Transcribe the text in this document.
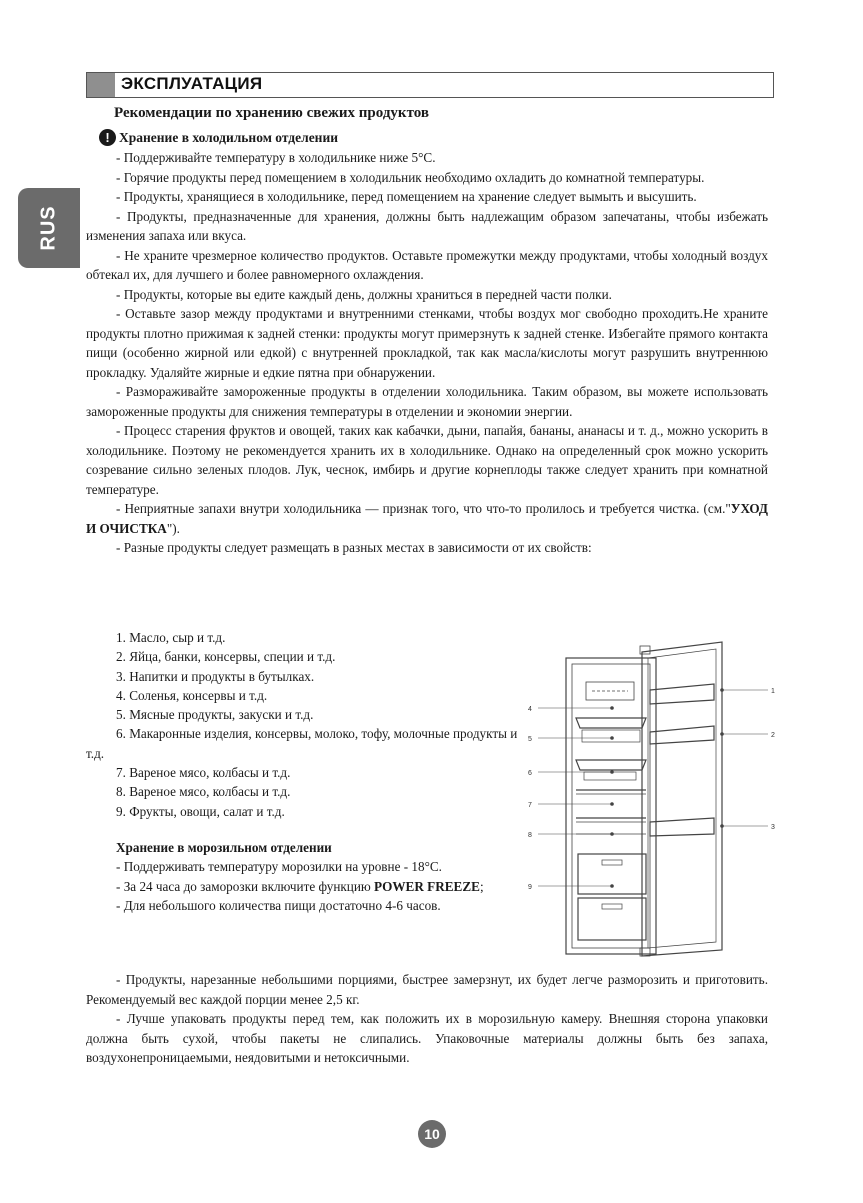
ЭКСПЛУАТАЦИЯ
RUS
Рекомендации по хранению свежих продуктов
! Хранение в холодильном отделении

- Поддерживайте температуру в холодильнике ниже 5°C.

- Горячие продукты перед помещением в холодильник необходимо охладить до комнатной температуры.

- Продукты, хранящиеся в холодильнике, перед помещением на хранение следует вымыть и высушить.

- Продукты, предназначенные для хранения, должны быть надлежащим образом запечатаны, чтобы избежать изменения запаха или вкуса.

- Не храните чрезмерное количество продуктов. Оставьте промежутки между продуктами, чтобы холодный воздух обтекал их, для лучшего и более равномерного охлаждения.

- Продукты, которые вы едите каждый день, должны храниться в передней части полки.

- Оставьте зазор между продуктами и внутренними стенками, чтобы воздух мог свободно проходить.Не храните продукты плотно прижимая к задней стенки: продукты могут примерзнуть к задней стенке. Избегайте прямого контакта пищи (особенно жирной или едкой) с внутренней прокладкой, так как масла/кислоты могут разрушить внутреннюю прокладку. Удаляйте жирные и едкие пятна при обнаружении.

- Размораживайте замороженные продукты в отделении холодильника. Таким образом, вы можете использовать замороженные продукты для снижения температуры в отделении и экономии энергии.

- Процесс старения фруктов и овощей, таких как кабачки, дыни, папайя, бананы, ананасы и т. д., можно ускорить в холодильнике. Поэтому не рекомендуется хранить их в холодильнике. Однако на определенный срок можно ускорить созревание сильно зеленых плодов. Лук, чеснок, имбирь и другие корнеплоды также следует хранить при комнатной температуре.

- Неприятные запахи внутри холодильника — признак того, что что-то пролилось и требуется чистка. (см."УХОД И ОЧИСТКА").

- Разные продукты следует размещать в разных местах в зависимости от их свойств:

1. Масло, сыр и т.д.

2. Яйца, банки, консервы, специи и т.д.

3. Напитки и продукты в бутылках.

4. Соленья, консервы и т.д.

5. Мясные продукты, закуски и т.д.

6. Макаронные изделия, консервы, молоко, тофу, молочные продукты и т.д.

7. Вареное мясо, колбасы и т.д.

8. Вареное мясо, колбасы и т.д.

9. Фрукты, овощи, салат и т.д.

Хранение в морозильном отделении

- Поддерживать температуру морозилки на уровне - 18°C.

- За 24 часа до заморозки включите функцию POWER FREEZE;

- Для небольшого количества пищи достаточно 4-6 часов.

- Продукты, нарезанные небольшими порциями, быстрее замерзнут, их будет легче разморозить и приготовить. Рекомендуемый вес каждой порции менее 2,5 кг.

- Лучше упаковать продукты перед тем, как положить их в морозильную камеру. Внешняя сторона упаковки должна быть сухой, чтобы пакеты не слипались. Упаковочные материалы должны быть без запаха, воздухонепроницаемыми, неядовитыми и нетоксичными.

1
2
3
4
5
6
7
8
9
10
